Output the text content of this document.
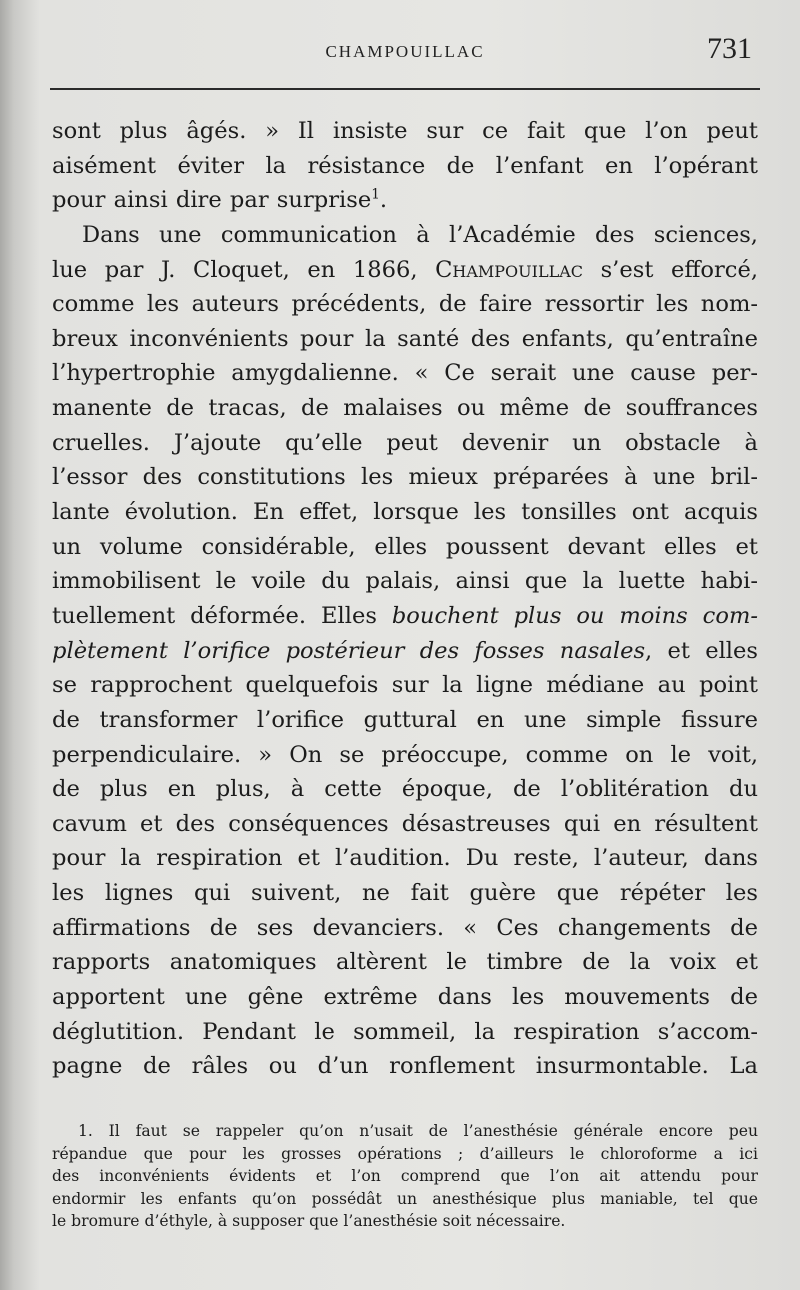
CHAMPOUILLAC	731
sont plus âgés. » Il insiste sur ce fait que l’on peut
aisément éviter la résistance de l’enfant en l’opérant
pour ainsi dire par surprise$^1$.
Dans une communication à l’Académie des sciences,
lue par J. Cloquet, en 1866, Champouillac s’est efforcé,
comme les auteurs précédents, de faire ressortir les nom-
breux inconvénients pour la santé des enfants, qu’entraîne
l’hypertrophie amygdalienne. « Ce serait une cause per-
manente de tracas, de malaises ou même de souffrances
cruelles. J’ajoute qu’elle peut devenir un obstacle à
l’essor des constitutions les mieux préparées à une bril-
lante évolution. En effet, lorsque les tonsilles ont acquis
un volume considérable, elles poussent devant elles et
immobilisent le voile du palais, ainsi que la luette habi-
tuellement déformée. Elles bouchent plus ou moins com-
plètement l’orifice postérieur des fosses nasales, et elles
se rapprochent quelquefois sur la ligne médiane au point
de transformer l’orifice guttural en une simple fissure
perpendiculaire. » On se préoccupe, comme on le voit,
de plus en plus, à cette époque, de l’oblitération du
cavum et des conséquences désastreuses qui en résultent
pour la respiration et l’audition. Du reste, l’auteur, dans
les lignes qui suivent, ne fait guère que répéter les
affirmations de ses devanciers. « Ces changements de
rapports anatomiques altèrent le timbre de la voix et
apportent une gêne extrême dans les mouvements de
déglutition. Pendant le sommeil, la respiration s’accom-
pagne de râles ou d’un ronflement insurmontable. La
1. Il faut se rappeler qu’on n’usait de l’anesthésie générale encore peu
répandue que pour les grosses opérations ; d’ailleurs le chloroforme a ici
des inconvénients évidents et l’on comprend que l’on ait attendu pour
endormir les enfants qu’on possédât un anesthésique plus maniable, tel que
le bromure d’éthyle, à supposer que l’anesthésie soit nécessaire.
